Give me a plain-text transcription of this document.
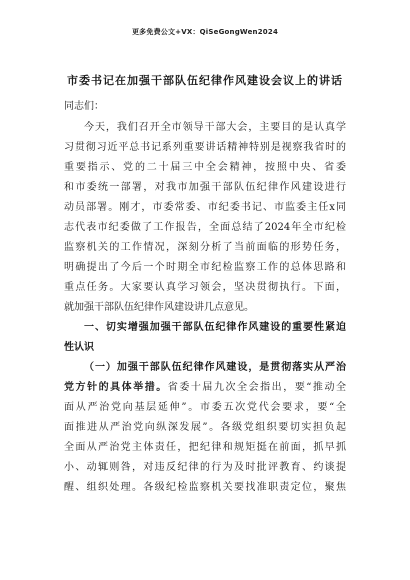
更多免费公文+VX：QiSeGongWen2024
市委书记在加强干部队伍纪律作风建设会议上的讲话
同志们：
今天，我们召开全市领导干部大会，主要目的是认真学
习贯彻习近平总书记系列重要讲话精神特别是视察我省时的
重要指示、党的二十届三中全会精神，按照中央、省委
和市委统一部署，对我市加强干部队伍纪律作风建设进行
动员部署。刚才，市委常委、市纪委书记、市监委主任x同
志代表市纪委做了工作报告，全面总结了2024年全市纪检
监察机关的工作情况，深刻分析了当前面临的形势任务，
明确提出了今后一个时期全市纪检监察工作的总体思路和
重点任务。大家要认真学习领会，坚决贯彻执行。下面，
就加强干部队伍纪律作风建设讲几点意见。
一、切实增强加强干部队伍纪律作风建设的重要性紧迫
性认识
（一）加强干部队伍纪律作风建设，是贯彻落实从严治
党方针的具体举措。省委十届九次全会指出，要“推动全
面从严治党向基层延伸”。市委五次党代会要求，要“全
面推进从严治党向纵深发展”。各级党组织要切实担负起
全面从严治党主体责任，把纪律和规矩挺在前面，抓早抓
小、动辄则咎，对违反纪律的行为及时批评教育、约谈提
醒、组织处理。各级纪检监察机关要找准职责定位，聚焦
